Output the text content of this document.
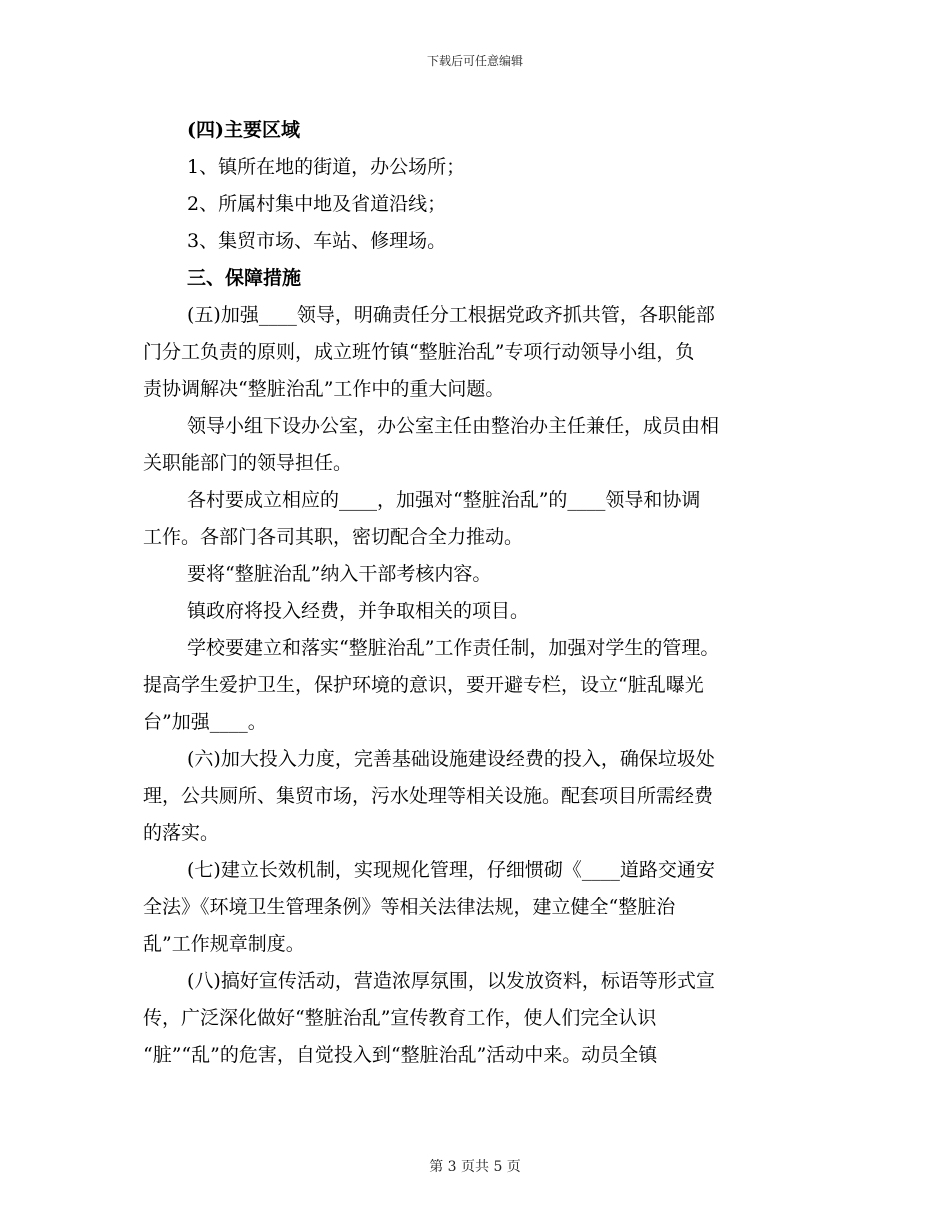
下载后可任意编辑
(四)主要区域
1、镇所在地的街道，办公场所；
2、所属村集中地及省道沿线；
3、集贸市场、车站、修理场。
三、保障措施
(五)加强____领导，明确责任分工根据党政齐抓共管，各职能部
门分工负责的原则，成立班竹镇“整脏治乱”专项行动领导小组，负
责协调解决“整脏治乱”工作中的重大问题。
领导小组下设办公室，办公室主任由整治办主任兼任，成员由相
关职能部门的领导担任。
各村要成立相应的____，加强对“整脏治乱”的____领导和协调
工作。各部门各司其职，密切配合全力推动。
要将“整脏治乱”纳入干部考核内容。
镇政府将投入经费，并争取相关的项目。
学校要建立和落实“整脏治乱”工作责任制，加强对学生的管理。
提高学生爱护卫生，保护环境的意识，要开避专栏，设立“脏乱曝光
台”加强____。
(六)加大投入力度，完善基础设施建设经费的投入，确保垃圾处
理，公共厕所、集贸市场，污水处理等相关设施。配套项目所需经费
的落实。
(七)建立长效机制，实现规化管理，仔细惯砌《____道路交通安
全法》《环境卫生管理条例》等相关法律法规，建立健全“整脏治
乱”工作规章制度。
(八)搞好宣传活动，营造浓厚氛围，以发放资料，标语等形式宣
传，广泛深化做好“整脏治乱”宣传教育工作，使人们完全认识
“脏”“乱”的危害，自觉投入到“整脏治乱”活动中来。动员全镇
第 3 页共 5 页
